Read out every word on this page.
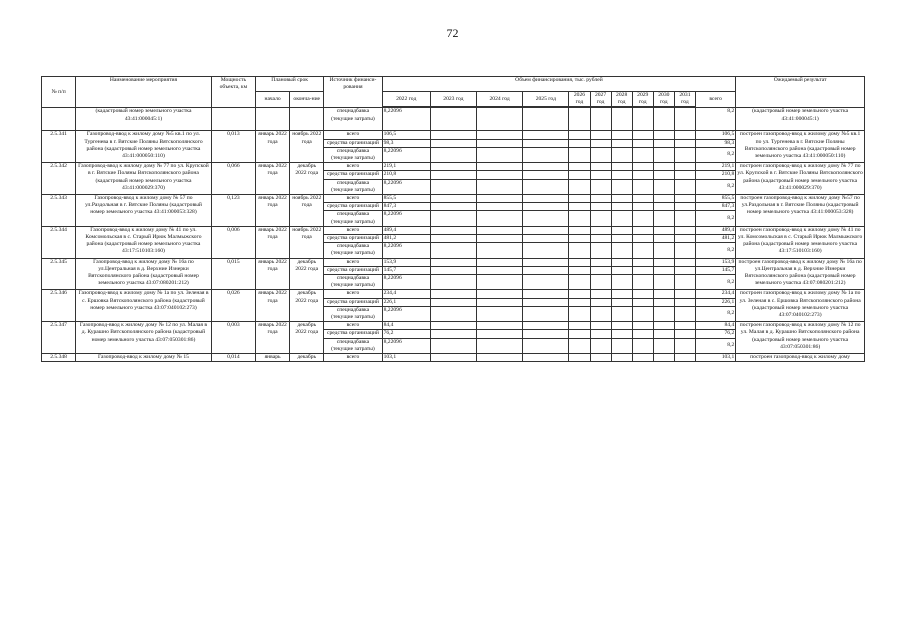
72
№ п/п	Наименование мероприятия	Мощность объекта, км	Плановый срок		Источник финанси-рования	Объем финансирования, тыс. рублей											Ожидаемый результат
			начало	оконча-ние		2022 год	2023 год	2024 год	2025 год	2026 год	2027 год	2028 год	2029 год	2030 год	2031 год	всего	

	(кадастровый номер земельного участка 43:41:000045:1)				спецнадбавка (текущие затраты)	8,22096										8,2	(кадастровый номер земельного участка 43:41:000045:1)
2.5.341	Газопровод-ввод к жилому дому №5 кв.1 по ул. Тургенева в г. Вятские Поляны Вятскополянского района (кадастровый номер земельного участка 43:41:000050:110)	0,013	январь 2022 года	ноябрь 2022 года	всего	106,5										106,5	построен газопровод-ввод к жилому дому №5 кв.1 по ул. Тургенева в г. Вятские Поляны Вятскополянского района (кадастровый номер земельного участка 43:41:000050:110)
					средства организаций	98,3										98,3	
					спецнадбавка (текущие затраты)	8,22096										8,2	
2.5.342	Газопровод-ввод к жилому дому № 77 по ул. Крупской в г. Вятские Поляны Вятскополянского района (кадастровый номер земельного участка 43:41:000029:370)	0,066	январь 2022 года	декабрь 2022 года	всего	219,1										219,1	построен газопровод-ввод к жилому дому № 77 по ул. Крупской в г. Вятские Поляны Вятскополянского района (кадастровый номер земельного участка 43:41:000029:370)
					средства организаций	210,8										210,8	
					спецнадбавка (текущие затраты)	8,22096										8,2	
2.5.343	Газопровод-ввод к жилому дому № 57 по ул.Раздольная в г. Вятские Поляны (кадастровый номер земельного участка 43:41:000053:328)	0,123	январь 2022 года	ноябрь 2022 года	всего	855,5										855,5	построен газопровод-ввод к жилому дому №57 по ул.Раздольная в г. Вятские Поляны (кадастровый номер земельного участка 43:41:000053:328)
					средства организаций	847,3										847,3	
					спецнадбавка (текущие затраты)	8,22096										8,2	
2.5.344	Газопровод-ввод к жилому дому № 41 по ул. Комсомольская в с. Старый Ирюк Малмыжского района (кадастровый номер земельного участка 43:17:510103:160)	0,006	январь 2022 года	ноябрь 2022 года	всего	489,4										489,4	построен газопровод-ввод к жилому дому № 41 по ул. Комсомольская в с. Старый Ирюк Малмыжского района (кадастровый номер земельного участка 43:17:510103:160)
					средства организаций	481,2										481,2	
					спецнадбавка (текущие затраты)	8,22096										8,2	
2.5.345	Газопровод-ввод к жилому дому № 16а по ул.Центральная в д. Верхние Изнерки Вятскополянского района (кадастровый номер земельного участка 43:07:080201:212)	0,015	январь 2022 года	декабрь 2022 года	всего	153,9										153,9	построен газопровод-ввод к жилому дому № 16а по ул.Центральная в д. Верхние Изнерки Вятскополянского района (кадастровый номер земельного участка 43:07:080201:212)
					средства организаций	145,7										145,7	
					спецнадбавка (текущие затраты)	8,22096										8,2	
2.5.346	Газопровод-ввод к жилому дому № 1а по ул. Зеленая в с. Ершовка Вятскополянского района (кадастровый номер земельного участка 43:07:040102:273)	0,026	январь 2022 года	декабрь 2022 года	всего	234,4										234,4	построен газопровод-ввод к жилому дому № 1а по ул. Зеленая в с. Ершовка Вятскополянского района (кадастровый номер земельного участка 43:07:040102:273)
					средства организаций	226,1										226,1	
					спецнадбавка (текущие затраты)	8,22096										8,2	
2.5.347	Газопровод-ввод к жилому дому № 12 по ул. Малая в д. Курашно Вятскополянского района (кадастровый номер земельного участка 43:07:050301:86)	0,003	январь 2022 года	декабрь 2022 года	всего	84,4										84,4	построен газопровод-ввод к жилому дому № 12 по ул. Малая в д. Курашно Вятскополянского района (кадастровый номер земельного участка 43:07:050301:86)
					средства организаций	76,2										76,2	
					спецнадбавка (текущие затраты)	8,22096										8,2	
2.5.348	Газопровод-ввод к жилому дому № 15	0,014	январь	декабрь	всего	103,1										103,1	построен газопровод-ввод к жилому дому
